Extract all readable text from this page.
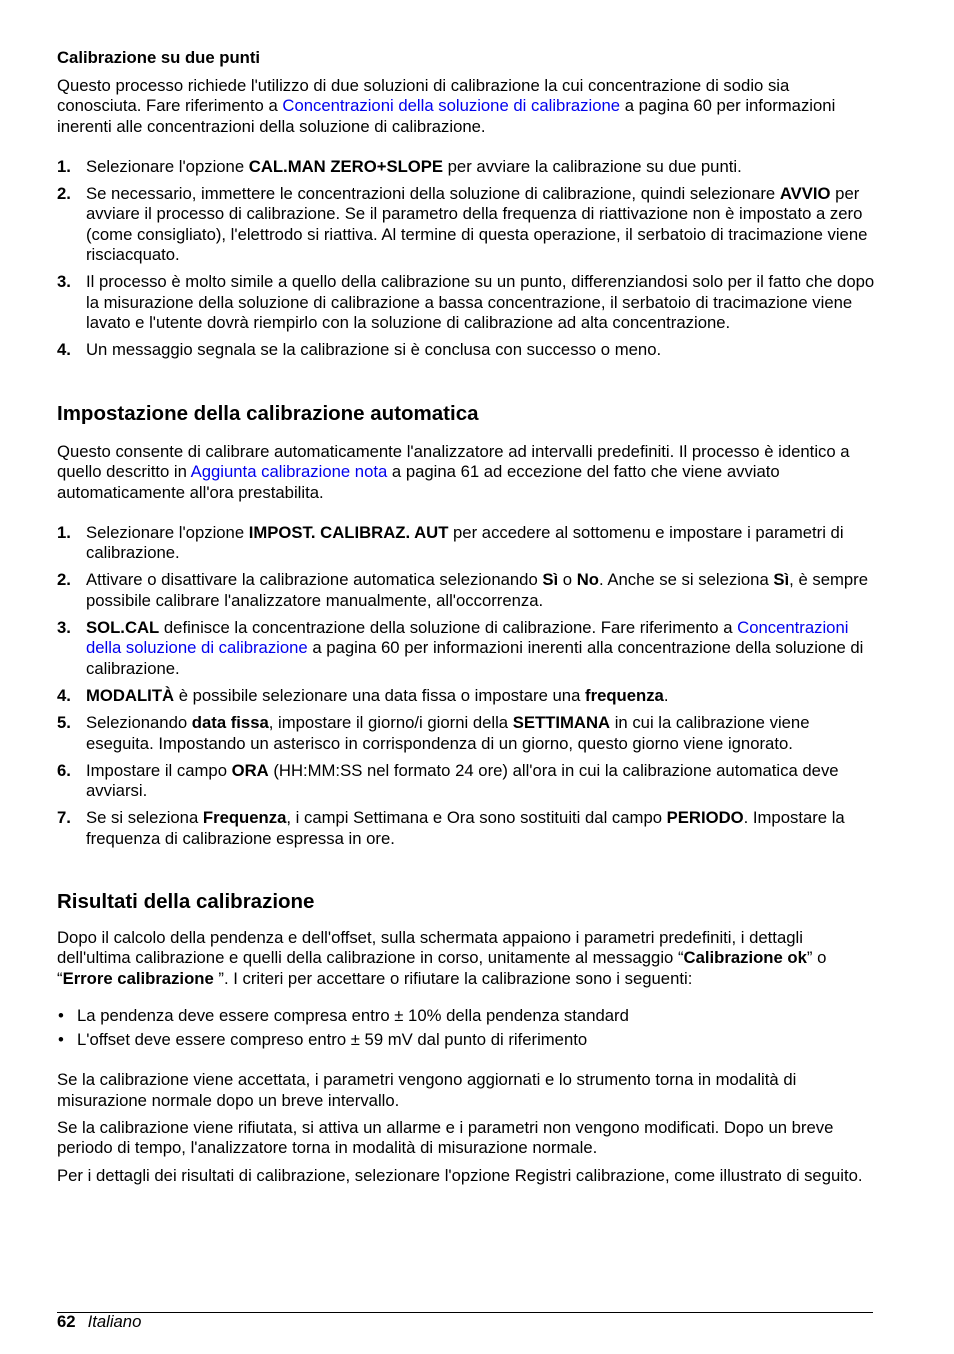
Calibrazione su due punti

Questo processo richiede l'utilizzo di due soluzioni di calibrazione la cui concentrazione di sodio sia conosciuta. Fare riferimento a Concentrazioni della soluzione di calibrazione a pagina 60 per informazioni inerenti alle concentrazioni della soluzione di calibrazione.

1. Selezionare l'opzione CAL.MAN ZERO+SLOPE per avviare la calibrazione su due punti.
2. Se necessario, immettere le concentrazioni della soluzione di calibrazione, quindi selezionare AVVIO per avviare il processo di calibrazione. Se il parametro della frequenza di riattivazione non è impostato a zero (come consigliato), l'elettrodo si riattiva. Al termine di questa operazione, il serbatoio di tracimazione viene risciacquato.
3. Il processo è molto simile a quello della calibrazione su un punto, differenziandosi solo per il fatto che dopo la misurazione della soluzione di calibrazione a bassa concentrazione, il serbatoio di tracimazione viene lavato e l'utente dovrà riempirlo con la soluzione di calibrazione ad alta concentrazione.
4. Un messaggio segnala se la calibrazione si è conclusa con successo o meno.
Impostazione della calibrazione automatica

Questo consente di calibrare automaticamente l'analizzatore ad intervalli predefiniti. Il processo è identico a quello descritto in Aggiunta calibrazione nota a pagina 61 ad eccezione del fatto che viene avviato automaticamente all'ora prestabilita.

1. Selezionare l'opzione IMPOST. CALIBRAZ. AUT per accedere al sottomenu e impostare i parametri di calibrazione.
2. Attivare o disattivare la calibrazione automatica selezionando Sì o No. Anche se si seleziona Sì, è sempre possibile calibrare l'analizzatore manualmente, all'occorrenza.
3. SOL.CAL definisce la concentrazione della soluzione di calibrazione. Fare riferimento a Concentrazioni della soluzione di calibrazione a pagina 60 per informazioni inerenti alla concentrazione della soluzione di calibrazione.
4. MODALITÀ è possibile selezionare una data fissa o impostare una frequenza.
5. Selezionando data fissa, impostare il giorno/i giorni della SETTIMANA in cui la calibrazione viene eseguita. Impostando un asterisco in corrispondenza di un giorno, questo giorno viene ignorato.
6. Impostare il campo ORA (HH:MM:SS nel formato 24 ore) all'ora in cui la calibrazione automatica deve avviarsi.
7. Se si seleziona Frequenza, i campi Settimana e Ora sono sostituiti dal campo PERIODO. Impostare la frequenza di calibrazione espressa in ore.
Risultati della calibrazione

Dopo il calcolo della pendenza e dell'offset, sulla schermata appaiono i parametri predefiniti, i dettagli dell'ultima calibrazione e quelli della calibrazione in corso, unitamente al messaggio “Calibrazione ok” o “Errore calibrazione ”. I criteri per accettare o rifiutare la calibrazione sono i seguenti:

• La pendenza deve essere compresa entro ± 10% della pendenza standard
• L'offset deve essere compreso entro ± 59 mV dal punto di riferimento

Se la calibrazione viene accettata, i parametri vengono aggiornati e lo strumento torna in modalità di misurazione normale dopo un breve intervallo.

Se la calibrazione viene rifiutata, si attiva un allarme e i parametri non vengono modificati. Dopo un breve periodo di tempo, l'analizzatore torna in modalità di misurazione normale.

Per i dettagli dei risultati di calibrazione, selezionare l'opzione Registri calibrazione, come illustrato di seguito.

62 Italiano
